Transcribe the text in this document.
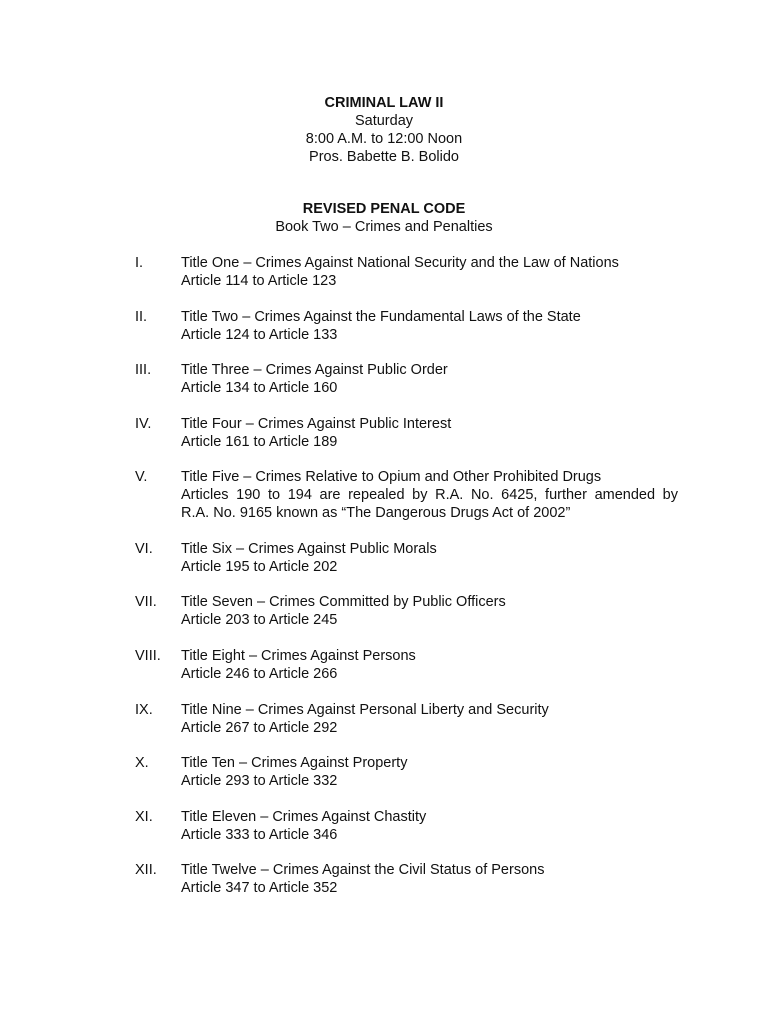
CRIMINAL LAW II
Saturday
8:00 A.M. to 12:00 Noon
Pros. Babette B. Bolido
REVISED PENAL CODE
Book Two – Crimes and Penalties
I.	Title One – Crimes Against National Security and the Law of Nations
Article 114 to Article 123
II. Title Two – Crimes Against the Fundamental Laws of the State
Article 124 to Article 133
III. Title Three – Crimes Against Public Order
Article 134 to Article 160
IV. Title Four – Crimes Against Public Interest
Article 161 to Article 189
V. Title Five – Crimes Relative to Opium and Other Prohibited Drugs
Articles 190 to 194 are repealed by R.A. No. 6425, further amended by
R.A. No. 9165 known as “The Dangerous Drugs Act of 2002”
VI. Title Six – Crimes Against Public Morals
Article 195 to Article 202
VII. Title Seven – Crimes Committed by Public Officers
Article 203 to Article 245
VIII. Title Eight – Crimes Against Persons
Article 246 to Article 266
IX. Title Nine – Crimes Against Personal Liberty and Security
Article 267 to Article 292
X. Title Ten – Crimes Against Property
Article 293 to Article 332
XI. Title Eleven – Crimes Against Chastity
Article 333 to Article 346
XII. Title Twelve – Crimes Against the Civil Status of Persons
Article 347 to Article 352
